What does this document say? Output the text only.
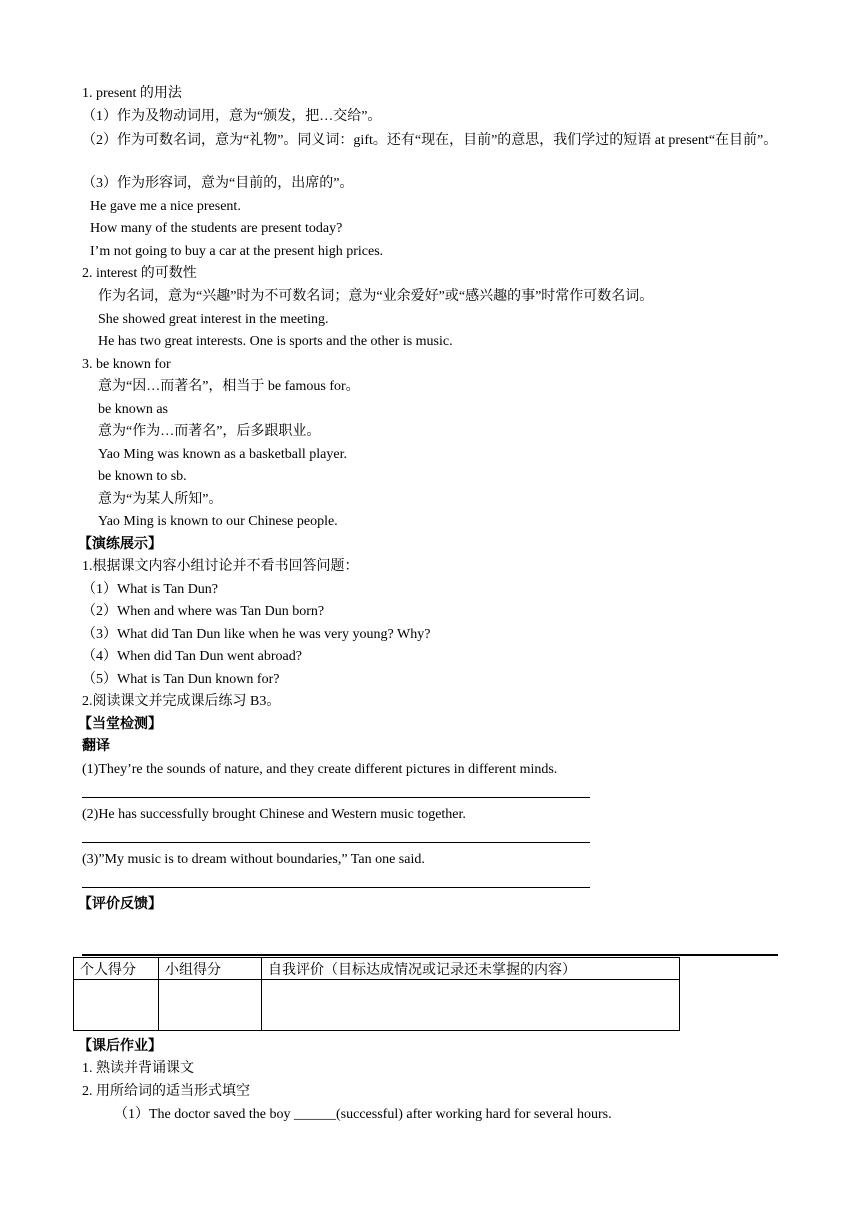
1. present 的用法
（1）作为及物动词用，意为“颁发，把…交给”。
（2）作为可数名词，意为“礼物”。同义词：gift。还有“现在，目前”的意思，我们学过的短语 at present“在目前”。
（3）作为形容词，意为“目前的，出席的”。
He gave me a nice present.
How many of the students are present today?
I’m not going to buy a car at the present high prices.
2. interest 的可数性
作为名词，意为“兴趣”时为不可数名词；意为“业余爱好”或“感兴趣的事”时常作可数名词。
She showed great interest in the meeting.
He has two great interests. One is sports and the other is music.
3. be known for
意为“因…而著名”，相当于 be famous for。
be known as
意为“作为…而著名”，后多跟职业。
Yao Ming was known as a basketball player.
be known to sb.
意为“为某人所知”。
Yao Ming is known to our Chinese people.
【演练展示】
1.根据课文内容小组讨论并不看书回答问题：
（1）What is Tan Dun?
（2）When and where was Tan Dun born?
（3）What did Tan Dun like when he was very young? Why?
（4）When did Tan Dun went abroad?
（5）What is Tan Dun known for?
2.阅读课文并完成课后练习 B3。
【当堂检测】
翻译
(1)They’re the sounds of nature, and they create different pictures in different minds.
(2)He has successfully brought Chinese and Western music together.
(3)”My music is to dream without boundaries,” Tan one said.
【评价反馈】
个人得分	小组得分	自我评价（目标达成情况或记录还未掌握的内容）

【课后作业】
1. 熟读并背诵课文
2. 用所给词的适当形式填空
（1）The doctor saved the boy ______(successful) after working hard for several hours.
